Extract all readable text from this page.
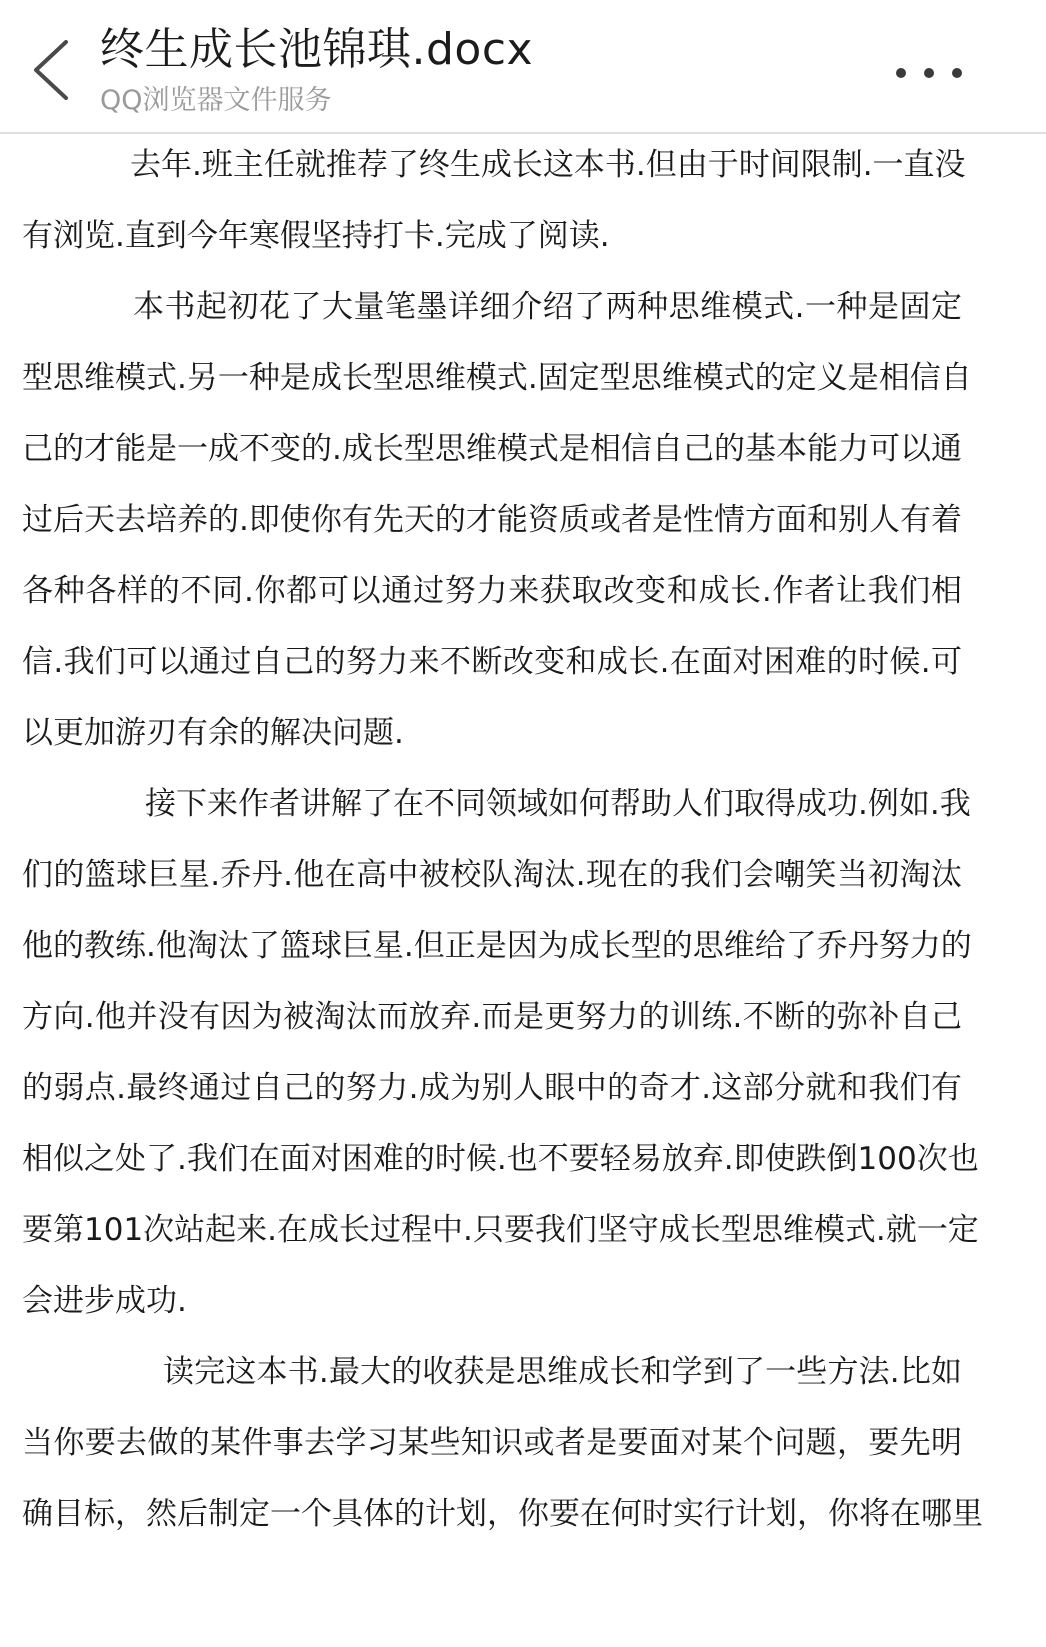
终生成长池锦琪.docx
QQ浏览器文件服务
去年.班主任就推荐了终生成长这本书.但由于时间限制.一直没
有浏览.直到今年寒假坚持打卡.完成了阅读.
本书起初花了大量笔墨详细介绍了两种思维模式.一种是固定
型思维模式.另一种是成长型思维模式.固定型思维模式的定义是相信自
己的才能是一成不变的.成长型思维模式是相信自己的基本能力可以通
过后天去培养的.即使你有先天的才能资质或者是性情方面和别人有着
各种各样的不同.你都可以通过努力来获取改变和成长.作者让我们相
信.我们可以通过自己的努力来不断改变和成长.在面对困难的时候.可
以更加游刃有余的解决问题.
接下来作者讲解了在不同领域如何帮助人们取得成功.例如.我
们的篮球巨星.乔丹.他在高中被校队淘汰.现在的我们会嘲笑当初淘汰
他的教练.他淘汰了篮球巨星.但正是因为成长型的思维给了乔丹努力的
方向.他并没有因为被淘汰而放弃.而是更努力的训练.不断的弥补自己
的弱点.最终通过自己的努力.成为别人眼中的奇才.这部分就和我们有
相似之处了.我们在面对困难的时候.也不要轻易放弃.即使跌倒100次也
要第101次站起来.在成长过程中.只要我们坚守成长型思维模式.就一定
会进步成功.
读完这本书.最大的收获是思维成长和学到了一些方法.比如
当你要去做的某件事去学习某些知识或者是要面对某个问题，要先明
确目标，然后制定一个具体的计划，你要在何时实行计划，你将在哪里
